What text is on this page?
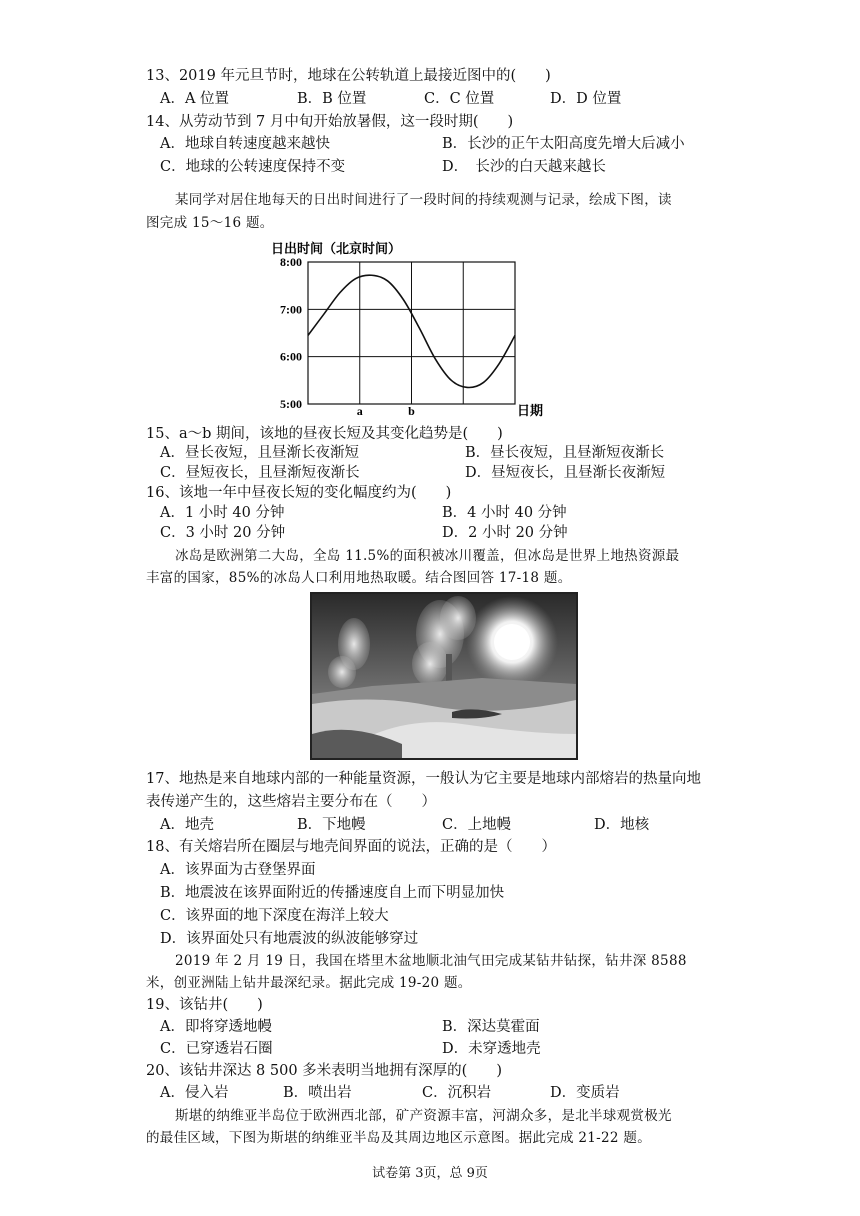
13、2019 年元旦节时，地球在公转轨道上最接近图中的(　　)
A．A 位置	B．B 位置	C．C 位置	D．D 位置
14、从劳动节到 7 月中旬开始放暑假，这一段时期(　　)
A．地球自转速度越来越快	B．长沙的正午太阳高度先增大后减小
C．地球的公转速度保持不变	D．　长沙的白天越来越长
某同学对居住地每天的日出时间进行了一段时间的持续观测与记录，绘成下图，读
图完成 15～16 题。
日出时间（北京时间）
8:00
7:00
6:00
5:00	a	b	日期
15、a～b 期间，该地的昼夜长短及其变化趋势是(　　)
A．昼长夜短，且昼渐长夜渐短	B．昼长夜短，且昼渐短夜渐长
C．昼短夜长，且昼渐短夜渐长	D．昼短夜长，且昼渐长夜渐短
16、该地一年中昼夜长短的变化幅度约为(　　)
A．1 小时 40 分钟	B．4 小时 40 分钟
C．3 小时 20 分钟	D．2 小时 20 分钟
冰岛是欧洲第二大岛，全岛 11.5%的面积被冰川覆盖，但冰岛是世界上地热资源最
丰富的国家，85%的冰岛人口利用地热取暖。结合图回答 17-18 题。
17、地热是来自地球内部的一种能量资源，一般认为它主要是地球内部熔岩的热量向地
表传递产生的，这些熔岩主要分布在（　　）
A．地壳	B．下地幔	C．上地幔	D．地核
18、有关熔岩所在圈层与地壳间界面的说法，正确的是（　　）
A．该界面为古登堡界面
B．地震波在该界面附近的传播速度自上而下明显加快
C．该界面的地下深度在海洋上较大
D．该界面处只有地震波的纵波能够穿过
2019 年 2 月 19 日，我国在塔里木盆地顺北油气田完成某钻井钻探，钻井深 8588
米，创亚洲陆上钻井最深纪录。据此完成 19-20 题。
19、该钻井(　　)
A．即将穿透地幔	B．深达莫霍面
C．已穿透岩石圈	D．未穿透地壳
20、该钻井深达 8 500 多米表明当地拥有深厚的(　　)
A．侵入岩	B．喷出岩	C．沉积岩	D．变质岩
斯堪的纳维亚半岛位于欧洲西北部，矿产资源丰富，河湖众多，是北半球观赏极光
的最佳区域，下图为斯堪的纳维亚半岛及其周边地区示意图。据此完成 21-22 题。
试卷第 3页，总 9页
